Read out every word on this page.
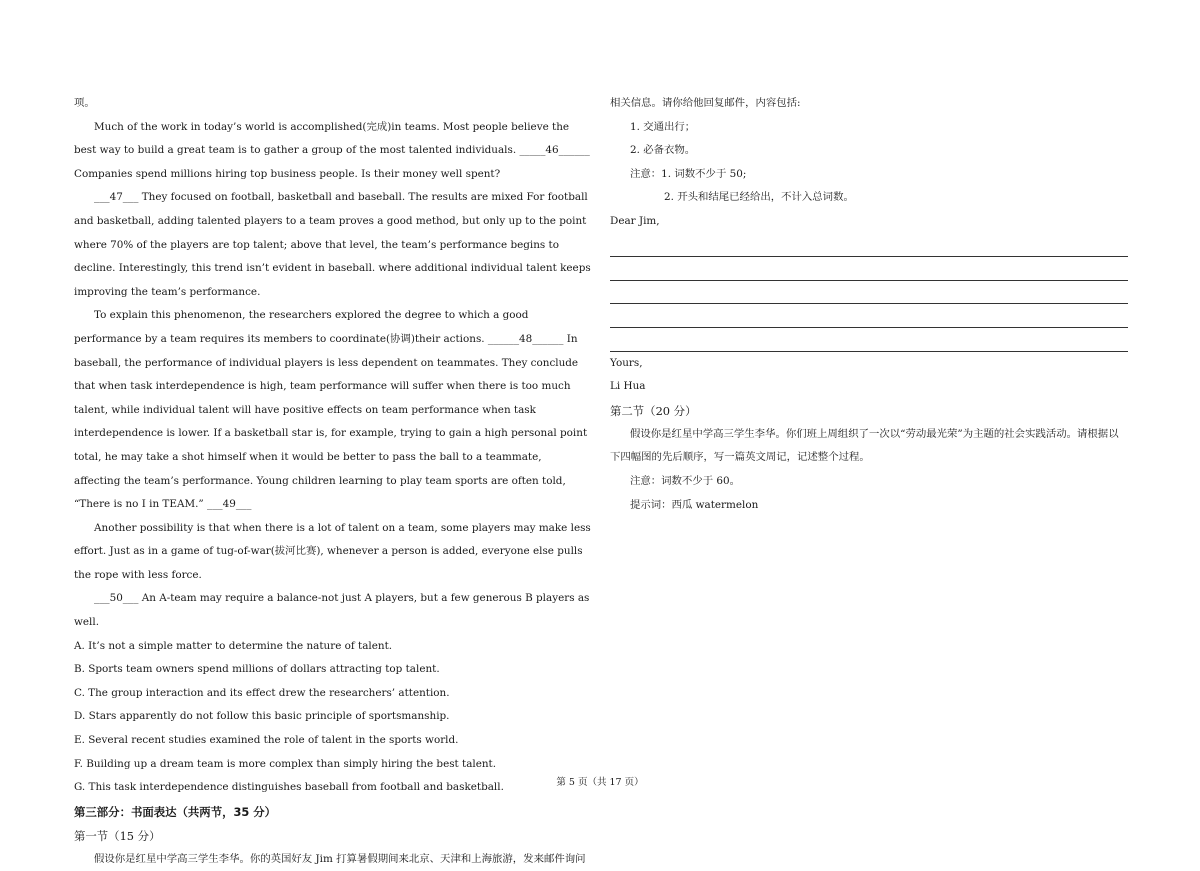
项。

Much of the work in today’s world is accomplished(完成)in teams. Most people believe the best way to build a great team is to gather a group of the most talented individuals. _____46______ Companies spend millions hiring top business people. Is their money well spent?

___47___ They focused on football, basketball and baseball. The results are mixed For football and basketball, adding talented players to a team proves a good method, but only up to the point where 70% of the players are top talent; above that level, the team’s performance begins to decline. Interestingly, this trend isn’t evident in baseball. where additional individual talent keeps improving the team’s performance.

To explain this phenomenon, the researchers explored the degree to which a good performance by a team requires its members to coordinate(协调)their actions. ______48______ In baseball, the performance of individual players is less dependent on teammates. They conclude that when task interdependence is high, team performance will suffer when there is too much talent, while individual talent will have positive effects on team performance when task interdependence is lower. If a basketball star is, for example, trying to gain a high personal point total, he may take a shot himself when it would be better to pass the ball to a teammate, affecting the team’s performance. Young children learning to play team sports are often told, “There is no I in TEAM.” ___49___

Another possibility is that when there is a lot of talent on a team, some players may make less effort. Just as in a game of tug-of-war(拔河比赛), whenever a person is added, everyone else pulls the rope with less force.

___50___ An A-team may require a balance-not just A players, but a few generous B players as well.

A. It’s not a simple matter to determine the nature of talent.

B. Sports team owners spend millions of dollars attracting top talent.

C. The group interaction and its effect drew the researchers’ attention.

D. Stars apparently do not follow this basic principle of sportsmanship.

E. Several recent studies examined the role of talent in the sports world.

F. Building up a dream team is more complex than simply hiring the best talent.

G. This task interdependence distinguishes baseball from football and basketball.

第三部分：书面表达（共两节，35 分）

第一节（15 分）

假设你是红星中学高三学生李华。你的英国好友 Jim 打算暑假期间来北京、天津和上海旅游，发来邮件询问

相关信息。请你给他回复邮件，内容包括:

1. 交通出行；

2. 必备衣物。

注意：1. 词数不少于 50;

2. 开头和结尾已经给出，不计入总词数。

Dear Jim,

Yours,

Li Hua

第二节（20 分）

假设你是红星中学高三学生李华。你们班上周组织了一次以“劳动最光荣”为主题的社会实践活动。请根据以下四幅图的先后顺序，写一篇英文周记，记述整个过程。

注意：词数不少于 60。

提示词：西瓜 watermelon

第 5 页（共 17 页）
